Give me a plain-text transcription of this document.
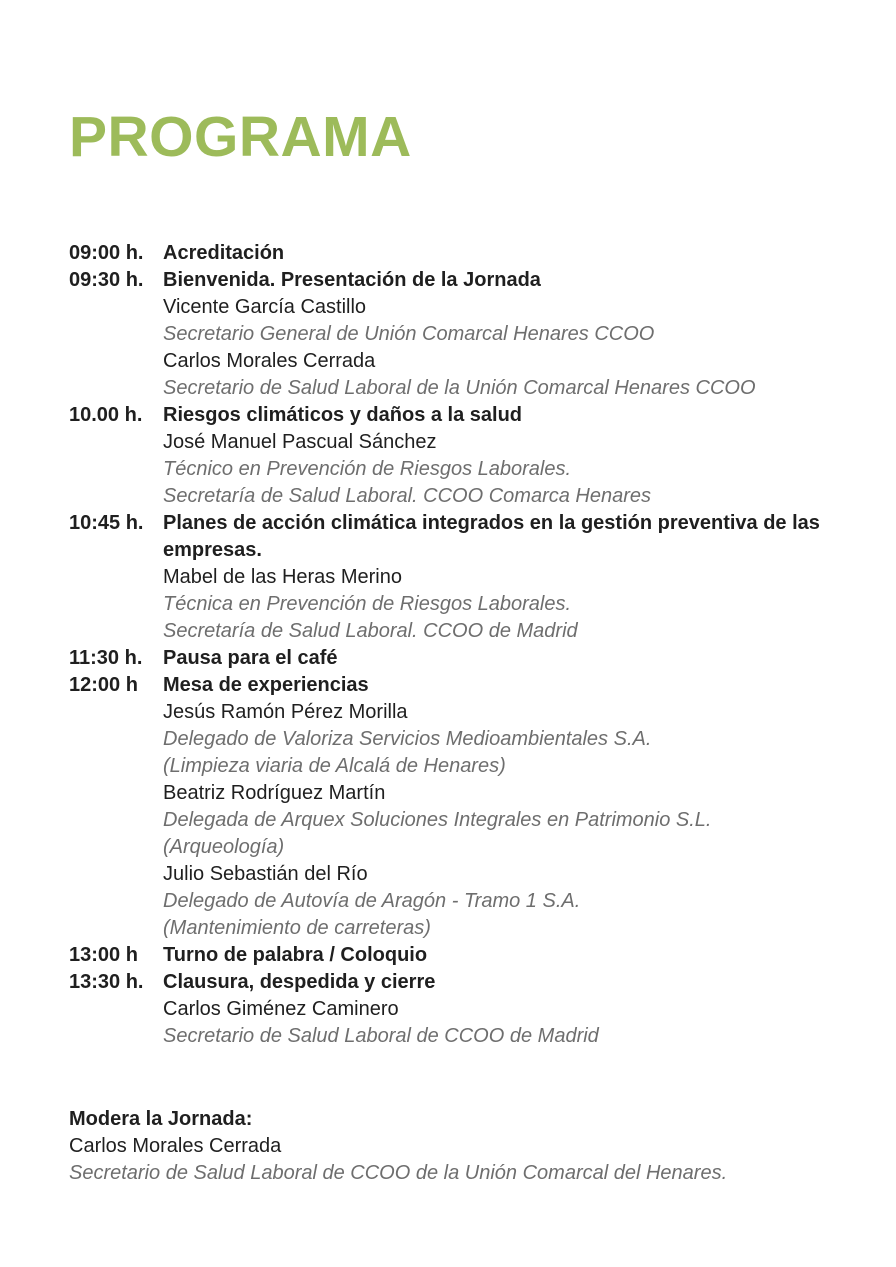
PROGRAMA
09:00 h. Acreditación
09:30 h. Bienvenida. Presentación de la Jornada
Vicente García Castillo
Secretario General de Unión Comarcal Henares CCOO
Carlos Morales Cerrada
Secretario de Salud Laboral de la Unión Comarcal Henares CCOO
10.00 h.	Riesgos climáticos y daños a la salud
José Manuel Pascual Sánchez
Técnico en Prevención de Riesgos Laborales.
Secretaría de Salud Laboral. CCOO Comarca Henares
10:45 h. Planes de acción climática integrados en la gestión preventiva de las empresas.
Mabel de las Heras Merino
Técnica en Prevención de Riesgos Laborales.
Secretaría de Salud Laboral. CCOO de Madrid
11:30 h.	Pausa para el café
12:00 h	Mesa de experiencias
Jesús Ramón Pérez Morilla
Delegado de Valoriza Servicios Medioambientales S.A.
(Limpieza viaria de Alcalá de Henares)
Beatriz Rodríguez Martín
Delegada de Arquex Soluciones Integrales en Patrimonio S.L.
(Arqueología)
Julio Sebastián del Río
Delegado de Autovía de Aragón - Tramo 1 S.A.
(Mantenimiento de carreteras)
13:00 h	Turno de palabra / Coloquio
13:30 h. Clausura, despedida y cierre
Carlos Giménez Caminero
Secretario de Salud Laboral de CCOO de Madrid
Modera la Jornada:
Carlos Morales Cerrada
Secretario de Salud Laboral de CCOO de la Unión Comarcal del Henares.
